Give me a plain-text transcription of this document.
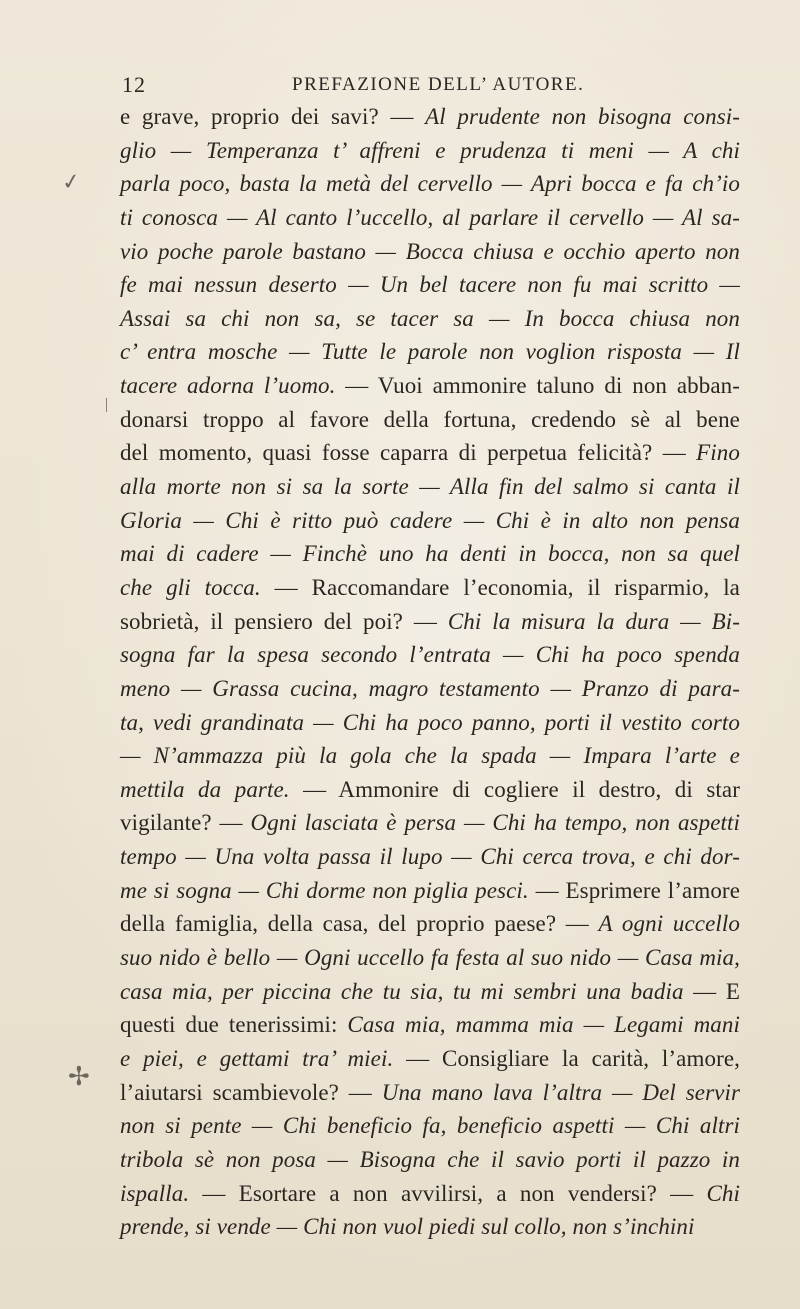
12	PREFAZIONE DELL’ AUTORE.
✓
✢
e grave, proprio dei savi? — Al prudente non bisogna consi-
glio — Temperanza t’ affreni e prudenza ti meni — A chi
parla poco, basta la metà del cervello — Apri bocca e fa ch’io
ti conosca — Al canto l’uccello, al parlare il cervello — Al sa-
vio poche parole bastano — Bocca chiusa e occhio aperto non
fe mai nessun deserto — Un bel tacere non fu mai scritto —
Assai sa chi non sa, se tacer sa — In bocca chiusa non
c’ entra mosche — Tutte le parole non voglion risposta — Il
tacere adorna l’uomo. — Vuoi ammonire taluno di non abban-
donarsi troppo al favore della fortuna, credendo sè al bene
del momento, quasi fosse caparra di perpetua felicità? — Fino
alla morte non si sa la sorte — Alla fin del salmo si canta il
Gloria — Chi è ritto può cadere — Chi è in alto non pensa
mai di cadere — Finchè uno ha denti in bocca, non sa quel
che gli tocca. — Raccomandare l’economia, il risparmio, la
sobrietà, il pensiero del poi? — Chi la misura la dura — Bi-
sogna far la spesa secondo l’entrata — Chi ha poco spenda
meno — Grassa cucina, magro testamento — Pranzo di para-
ta, vedi grandinata — Chi ha poco panno, porti il vestito corto
— N’ammazza più la gola che la spada — Impara l’arte e
mettila da parte. — Ammonire di cogliere il destro, di star
vigilante? — Ogni lasciata è persa — Chi ha tempo, non aspetti
tempo — Una volta passa il lupo — Chi cerca trova, e chi dor-
me si sogna — Chi dorme non piglia pesci. — Esprimere l’amore
della famiglia, della casa, del proprio paese? — A ogni uccello
suo nido è bello — Ogni uccello fa festa al suo nido — Casa mia,
casa mia, per piccina che tu sia, tu mi sembri una badia — E
questi due tenerissimi: Casa mia, mamma mia — Legami mani
e piei, e gettami tra’ miei. — Consigliare la carità, l’amore,
l’aiutarsi scambievole? — Una mano lava l’altra — Del servir
non si pente — Chi beneficio fa, beneficio aspetti — Chi altri
tribola sè non posa — Bisogna che il savio porti il pazzo in
ispalla. — Esortare a non avvilirsi, a non vendersi? — Chi
prende, si vende — Chi non vuol piedi sul collo, non s’inchini
